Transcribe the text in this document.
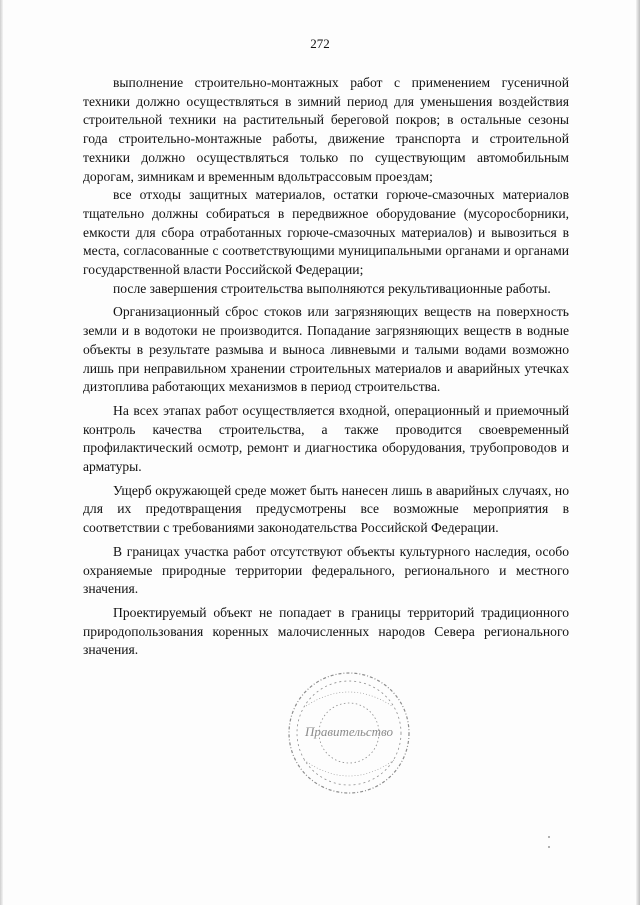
272

выполнение строительно-монтажных работ с применением гусеничной техники должно осуществляться в зимний период для уменьшения воздействия строительной техники на растительный береговой покров; в остальные сезоны года строительно-монтажные работы, движение транспорта и строительной техники должно осуществляться только по существующим автомобильным дорогам, зимникам и временным вдольтрассовым проездам;

все отходы защитных материалов, остатки горюче-смазочных материалов тщательно должны собираться в передвижное оборудование (мусоросборники, емкости для сбора отработанных горюче-смазочных материалов) и вывозиться в места, согласованные с соответствующими муниципальными органами и органами государственной власти Российской Федерации;

после завершения строительства выполняются рекультивационные работы.

Организационный сброс стоков или загрязняющих веществ на поверхность земли и в водотоки не производится. Попадание загрязняющих веществ в водные объекты в результате размыва и выноса ливневыми и талыми водами возможно лишь при неправильном хранении строительных материалов и аварийных утечках дизтоплива работающих механизмов в период строительства.

На всех этапах работ осуществляется входной, операционный и приемочный контроль качества строительства, а также проводится своевременный профилактический осмотр, ремонт и диагностика оборудования, трубопроводов и арматуры.

Ущерб окружающей среде может быть нанесен лишь в аварийных случаях, но для их предотвращения предусмотрены все возможные мероприятия в соответствии с требованиями законодательства Российской Федерации.

В границах участка работ отсутствуют объекты культурного наследия, особо охраняемые природные территории федерального, регионального и местного значения.

Проектируемый объект не попадает в границы территорий традиционного природопользования коренных малочисленных народов Севера регионального значения.

Правительство
